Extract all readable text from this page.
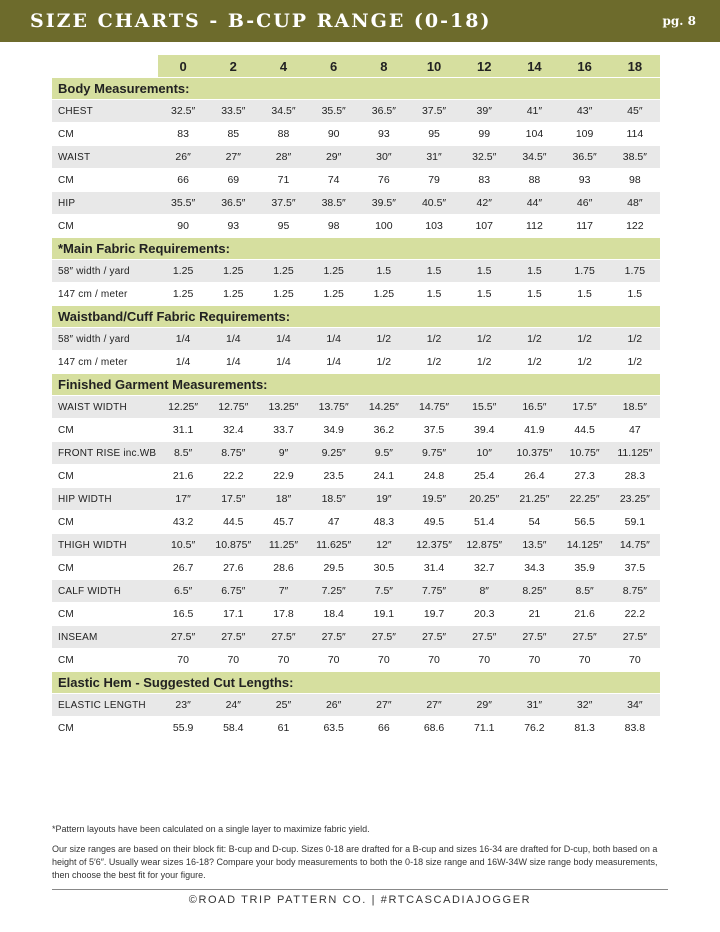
SIZE CHARTS - B-CUP RANGE (0-18)	pg. 8
	0	2	4	6	8	10	12	14	16	18
Body Measurements:										
CHEST	32.5″	33.5″	34.5″	35.5″	36.5″	37.5″	39″	41″	43″	45″
CM	83	85	88	90	93	95	99	104	109	114
WAIST	26″	27″	28″	29″	30″	31″	32.5″	34.5″	36.5″	38.5″
CM	66	69	71	74	76	79	83	88	93	98
HIP	35.5″	36.5″	37.5″	38.5″	39.5″	40.5″	42″	44″	46″	48″
CM	90	93	95	98	100	103	107	112	117	122
*Main Fabric Requirements:										
58″ width / yard	1.25	1.25	1.25	1.25	1.5	1.5	1.5	1.5	1.75	1.75
147 cm / meter	1.25	1.25	1.25	1.25	1.25	1.5	1.5	1.5	1.5	1.5
Waistband/Cuff Fabric Requirements:										
58″ width / yard	1/4	1/4	1/4	1/4	1/2	1/2	1/2	1/2	1/2	1/2
147 cm / meter	1/4	1/4	1/4	1/4	1/2	1/2	1/2	1/2	1/2	1/2
Finished Garment Measurements:										
WAIST WIDTH	12.25″	12.75″	13.25″	13.75″	14.25″	14.75″	15.5″	16.5″	17.5″	18.5″
CM	31.1	32.4	33.7	34.9	36.2	37.5	39.4	41.9	44.5	47
FRONT RISE inc.WB	8.5″	8.75″	9″	9.25″	9.5″	9.75″	10″	10.375″	10.75″	11.125″
CM	21.6	22.2	22.9	23.5	24.1	24.8	25.4	26.4	27.3	28.3
HIP WIDTH	17″	17.5″	18″	18.5″	19″	19.5″	20.25″	21.25″	22.25″	23.25″
CM	43.2	44.5	45.7	47	48.3	49.5	51.4	54	56.5	59.1
THIGH WIDTH	10.5″	10.875″	11.25″	11.625″	12″	12.375″	12.875″	13.5″	14.125″	14.75″
CM	26.7	27.6	28.6	29.5	30.5	31.4	32.7	34.3	35.9	37.5
CALF WIDTH	6.5″	6.75″	7″	7.25″	7.5″	7.75″	8″	8.25″	8.5″	8.75″
CM	16.5	17.1	17.8	18.4	19.1	19.7	20.3	21	21.6	22.2
INSEAM	27.5″	27.5″	27.5″	27.5″	27.5″	27.5″	27.5″	27.5″	27.5″	27.5″
CM	70	70	70	70	70	70	70	70	70	70
Elastic Hem - Suggested Cut Lengths:										
ELASTIC LENGTH	23″	24″	25″	26″	27″	27″	29″	31″	32″	34″
CM	55.9	58.4	61	63.5	66	68.6	71.1	76.2	81.3	83.8

*Pattern layouts have been calculated on a single layer to maximize fabric yield.

Our size ranges are based on their block fit: B-cup and D-cup. Sizes 0-18 are drafted for a B-cup and sizes 16-34 are drafted for D-cup, both based on a height of 5′6″. Usually wear sizes 16-18? Compare your body measurements to both the 0-18 size range and 16W-34W size range body measurements, then choose the best fit for your figure.

©ROAD TRIP PATTERN CO. | #RTCASCADIAJOGGER
